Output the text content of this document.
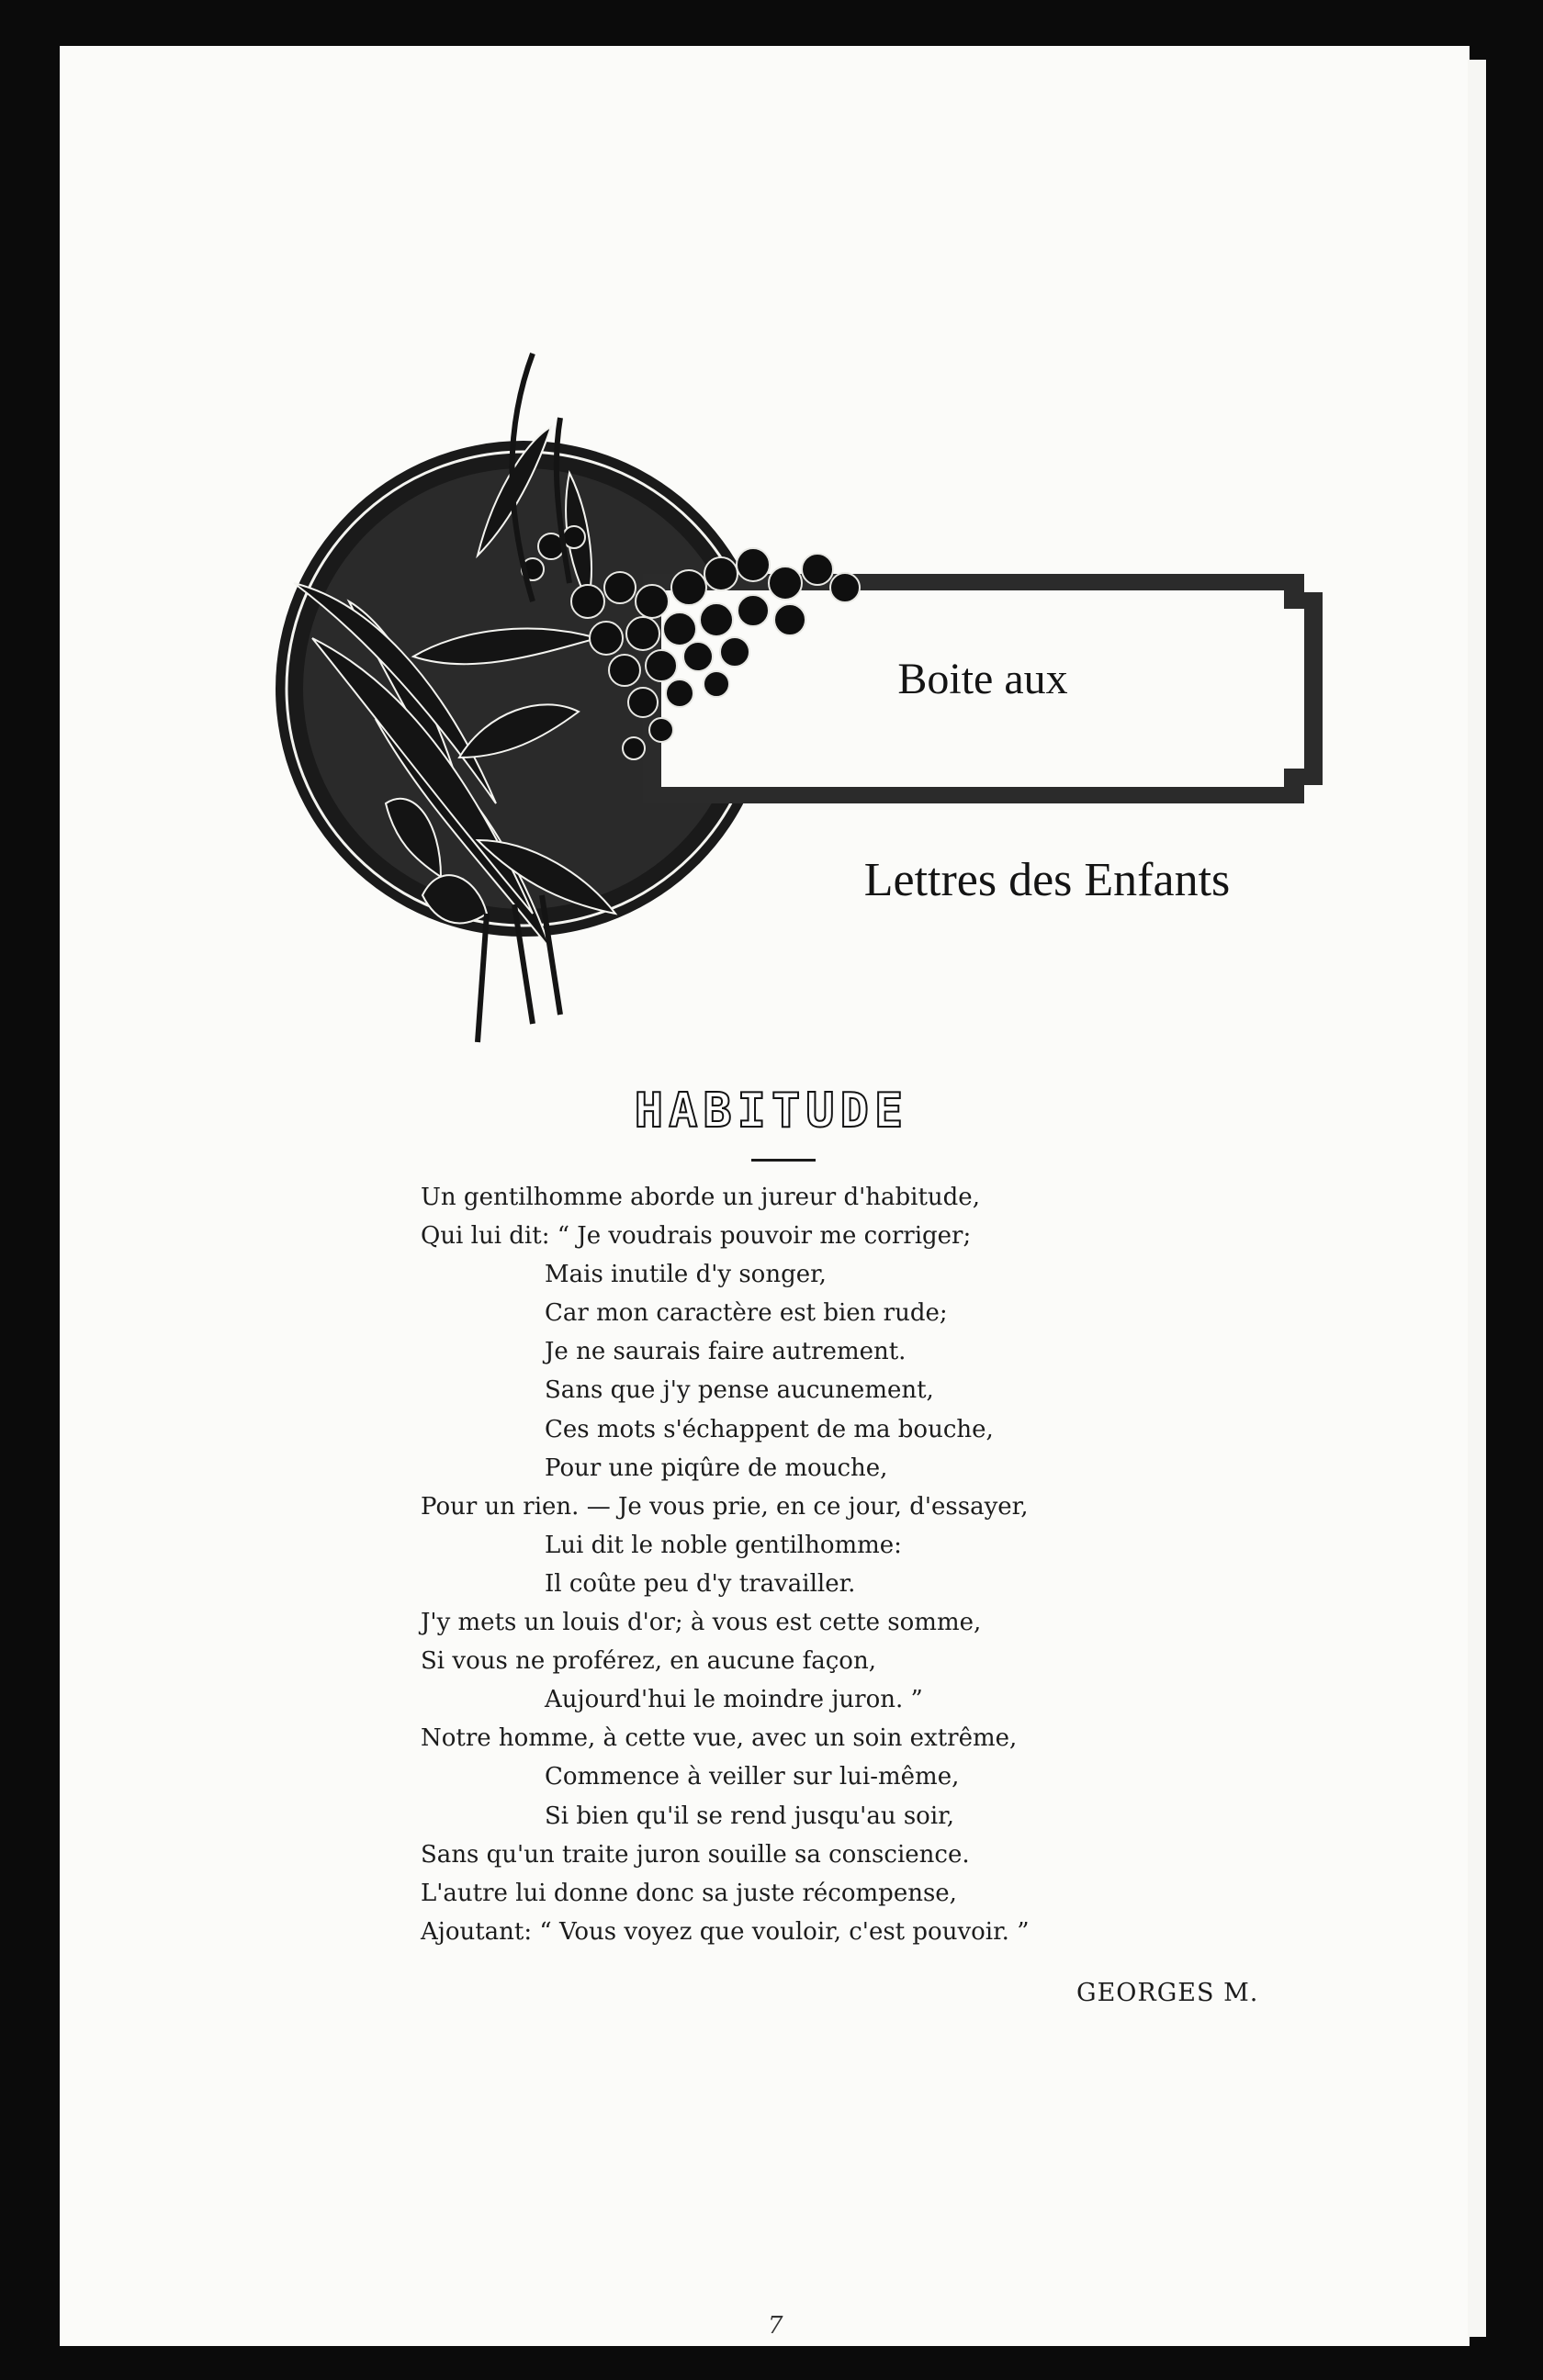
Boite aux
Lettres des Enfants
HABITUDE
Un gentilhomme aborde un jureur d'habitude,
Qui lui dit: “ Je voudrais pouvoir me corriger;
Mais inutile d'y songer,
Car mon caractère est bien rude;
Je ne saurais faire autrement.
Sans que j'y pense aucunement,
Ces mots s'échappent de ma bouche,
Pour une piqûre de mouche,
Pour un rien. — Je vous prie, en ce jour, d'essayer,
Lui dit le noble gentilhomme:
Il coûte peu d'y travailler.
J'y mets un louis d'or; à vous est cette somme,
Si vous ne proférez, en aucune façon,
Aujourd'hui le moindre juron. ”
Notre homme, à cette vue, avec un soin extrême,
Commence à veiller sur lui-même,
Si bien qu'il se rend jusqu'au soir,
Sans qu'un traite juron souille sa conscience.
L'autre lui donne donc sa juste récompense,
Ajoutant: “ Vous voyez que vouloir, c'est pouvoir. ”
GEORGES M.
7
